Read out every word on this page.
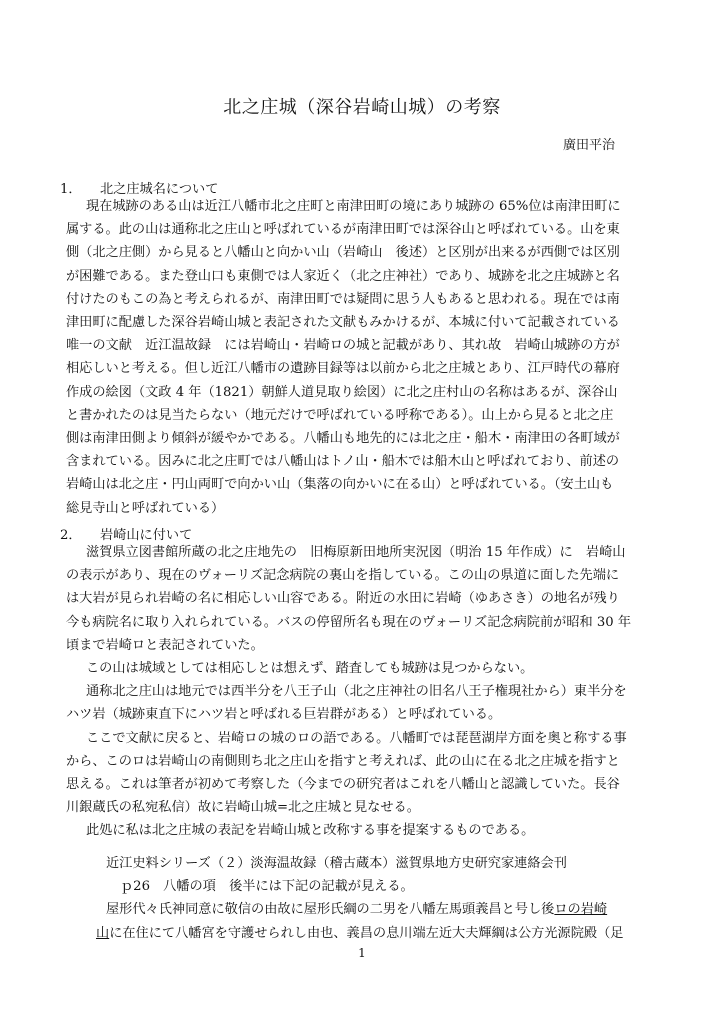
北之庄城（深谷岩崎山城）の考察
廣田平治
1． 北之庄城名について
現在城跡のある山は近江八幡市北之庄町と南津田町の境にあり城跡の 65%位は南津田町に
属する。此の山は通称北之庄山と呼ばれているが南津田町では深谷山と呼ばれている。山を東
側（北之庄側）から見ると八幡山と向かい山（岩崎山　後述）と区別が出来るが西側では区別
が困難である。また登山口も東側では人家近く（北之庄神社）であり、城跡を北之庄城跡と名
付けたのもこの為と考えられるが、南津田町では疑問に思う人もあると思われる。現在では南
津田町に配慮した深谷岩崎山城と表記された文献もみかけるが、本城に付いて記載されている
唯一の文献　近江温故録　には岩崎山・岩崎ロの城と記載があり、其れ故　岩崎山城跡の方が
相応しいと考える。但し近江八幡市の遺跡目録等は以前から北之庄城とあり、江戸時代の幕府
作成の絵図（文政 4 年（1821）朝鮮人道見取り絵図）に北之庄村山の名称はあるが、深谷山
と書かれたのは見当たらない（地元だけで呼ばれている呼称である）。山上から見ると北之庄
側は南津田側より傾斜が緩やかである。八幡山も地先的には北之庄・船木・南津田の各町域が
含まれている。因みに北之庄町では八幡山はトノ山・船木では船木山と呼ばれており、前述の
岩崎山は北之庄・円山両町で向かい山（集落の向かいに在る山）と呼ばれている。（安土山も
総見寺山と呼ばれている）
2． 岩崎山に付いて
滋賀県立図書館所蔵の北之庄地先の　旧梅原新田地所実況図（明治 15 年作成）に　岩崎山
の表示があり、現在のヴォーリズ記念病院の裏山を指している。この山の県道に面した先端に
は大岩が見られ岩崎の名に相応しい山容である。附近の水田に岩崎（ゆあさき）の地名が残り
今も病院名に取り入れられている。バスの停留所名も現在のヴォーリズ記念病院前が昭和 30 年
頃まで岩崎ロと表記されていた。
この山は城域としては相応しとは想えず、踏査しても城跡は見つからない。
通称北之庄山は地元では西半分を八王子山（北之庄神社の旧名八王子権現社から）東半分を
ハツ岩（城跡東直下にハツ岩と呼ばれる巨岩群がある）と呼ばれている。
ここで文献に戻ると、岩崎ロの城のロの語である。八幡町では琵琶湖岸方面を奥と称する事
から、このロは岩崎山の南側則ち北之庄山を指すと考えれば、此の山に在る北之庄城を指すと
思える。これは筆者が初めて考察した（今までの研究者はこれを八幡山と認識していた。長谷
川銀蔵氏の私宛私信）故に岩崎山城=北之庄城と見なせる。
此処に私は北之庄城の表記を岩崎山城と改称する事を提案するものである。
近江史料シリーズ（２）淡海温故録（稽古蔵本）滋賀県地方史研究家連絡会刊
ｐ26　八幡の項　後半には下記の記載が見える。
屋形代々氏神同意に敬信の由故に屋形氏綱の二男を八幡左馬頭義昌と号し後ロの岩崎
山に在住にて八幡宮を守護せられし由也、義昌の息川端左近大夫輝綱は公方光源院殿（足
1
